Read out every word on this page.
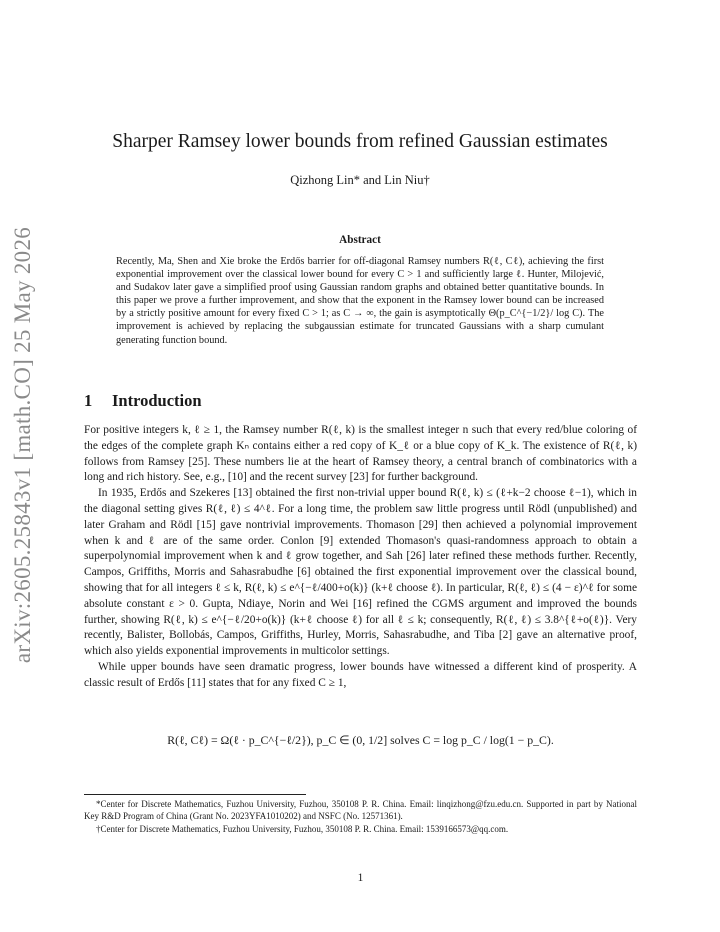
arXiv:2605.25843v1 [math.CO] 25 May 2026
Sharper Ramsey lower bounds from refined Gaussian estimates
Qizhong Lin* and Lin Niu†
Abstract
Recently, Ma, Shen and Xie broke the Erdős barrier for off-diagonal Ramsey numbers R(ℓ, Cℓ), achieving the first exponential improvement over the classical lower bound for every C > 1 and sufficiently large ℓ. Hunter, Milojević, and Sudakov later gave a simplified proof using Gaussian random graphs and obtained better quantitative bounds. In this paper we prove a further improvement, and show that the exponent in the Ramsey lower bound can be increased by a strictly positive amount for every fixed C > 1; as C → ∞, the gain is asymptotically Θ(p_C^{−1/2}/ log C). The improvement is achieved by replacing the subgaussian estimate for truncated Gaussians with a sharp cumulant generating function bound.
1 Introduction

For positive integers k, ℓ ≥ 1, the Ramsey number R(ℓ, k) is the smallest integer n such that every red/blue coloring of the edges of the complete graph Kₙ contains either a red copy of K_ℓ or a blue copy of K_k. The existence of R(ℓ, k) follows from Ramsey [25]. These numbers lie at the heart of Ramsey theory, a central branch of combinatorics with a long and rich history. See, e.g., [10] and the recent survey [23] for further background.

In 1935, Erdős and Szekeres [13] obtained the first non-trivial upper bound R(ℓ, k) ≤ (ℓ+k−2 choose ℓ−1), which in the diagonal setting gives R(ℓ, ℓ) ≤ 4^ℓ. For a long time, the problem saw little progress until Rödl (unpublished) and later Graham and Rödl [15] gave nontrivial improvements. Thomason [29] then achieved a polynomial improvement when k and ℓ are of the same order. Conlon [9] extended Thomason's quasi-randomness approach to obtain a superpolynomial improvement when k and ℓ grow together, and Sah [26] later refined these methods further. Recently, Campos, Griffiths, Morris and Sahasrabudhe [6] obtained the first exponential improvement over the classical bound, showing that for all integers ℓ ≤ k, R(ℓ, k) ≤ e^{−ℓ/400+o(k)} (k+ℓ choose ℓ). In particular, R(ℓ, ℓ) ≤ (4 − ε)^ℓ for some absolute constant ε > 0. Gupta, Ndiaye, Norin and Wei [16] refined the CGMS argument and improved the bounds further, showing R(ℓ, k) ≤ e^{−ℓ/20+o(k)} (k+ℓ choose ℓ) for all ℓ ≤ k; consequently, R(ℓ, ℓ) ≤ 3.8^{ℓ+o(ℓ)}. Very recently, Balister, Bollobás, Campos, Griffiths, Hurley, Morris, Sahasrabudhe, and Tiba [2] gave an alternative proof, which also yields exponential improvements in multicolor settings.

While upper bounds have seen dramatic progress, lower bounds have witnessed a different kind of prosperity. A classic result of Erdős [11] states that for any fixed C ≥ 1,

R(ℓ, Cℓ) = Ω(ℓ · p_C^{−ℓ/2}), p_C ∈ (0, 1/2] solves C = log p_C / log(1 − p_C).

*Center for Discrete Mathematics, Fuzhou University, Fuzhou, 350108 P. R. China. Email: linqizhong@fzu.edu.cn. Supported in part by National Key R&D Program of China (Grant No. 2023YFA1010202) and NSFC (No. 12571361).

†Center for Discrete Mathematics, Fuzhou University, Fuzhou, 350108 P. R. China. Email: 1539166573@qq.com.

1
